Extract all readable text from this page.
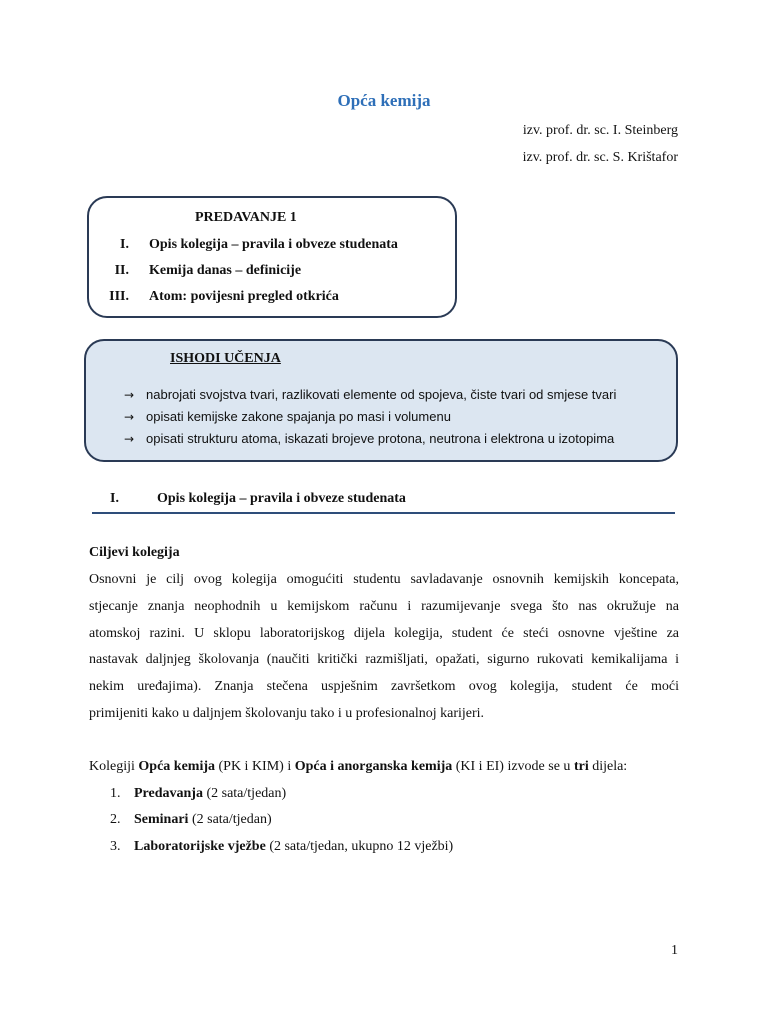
Opća kemija
izv. prof. dr. sc. I. Steinberg
izv. prof. dr. sc. S. Krištafor
PREDAVANJE 1
I. Opis kolegija – pravila i obveze studenata
II. Kemija danas – definicije
III. Atom: povijesni pregled otkrića
ISHODI UČENJA
→ nabrojati svojstva tvari, razlikovati elemente od spojeva, čiste tvari od smjese tvari
→ opisati kemijske zakone spajanja po masi i volumenu
→ opisati strukturu atoma, iskazati brojeve protona, neutrona i elektrona u izotopima
I.	Opis kolegija – pravila i obveze studenata
Ciljevi kolegija
Osnovni je cilj ovog kolegija omogućiti studentu savladavanje osnovnih kemijskih koncepata,
stjecanje znanja neophodnih u kemijskom računu i razumijevanje svega što nas okružuje na
atomskoj razini. U sklopu laboratorijskog dijela kolegija, student će steći osnovne vještine za
nastavak daljnjeg školovanja (naučiti kritički razmišljati, opažati, sigurno rukovati kemikalijama i
nekim uređajima). Znanja stečena uspješnim završetkom ovog kolegija, student će moći
primijeniti kako u daljnjem školovanju tako i u profesionalnoj karijeri.
Kolegiji Opća kemija (PK i KIM) i Opća i anorganska kemija (KI i EI) izvode se u tri dijela:
1. Predavanja (2 sata/tjedan)
2. Seminari (2 sata/tjedan)
3. Laboratorijske vježbe (2 sata/tjedan, ukupno 12 vježbi)
1
